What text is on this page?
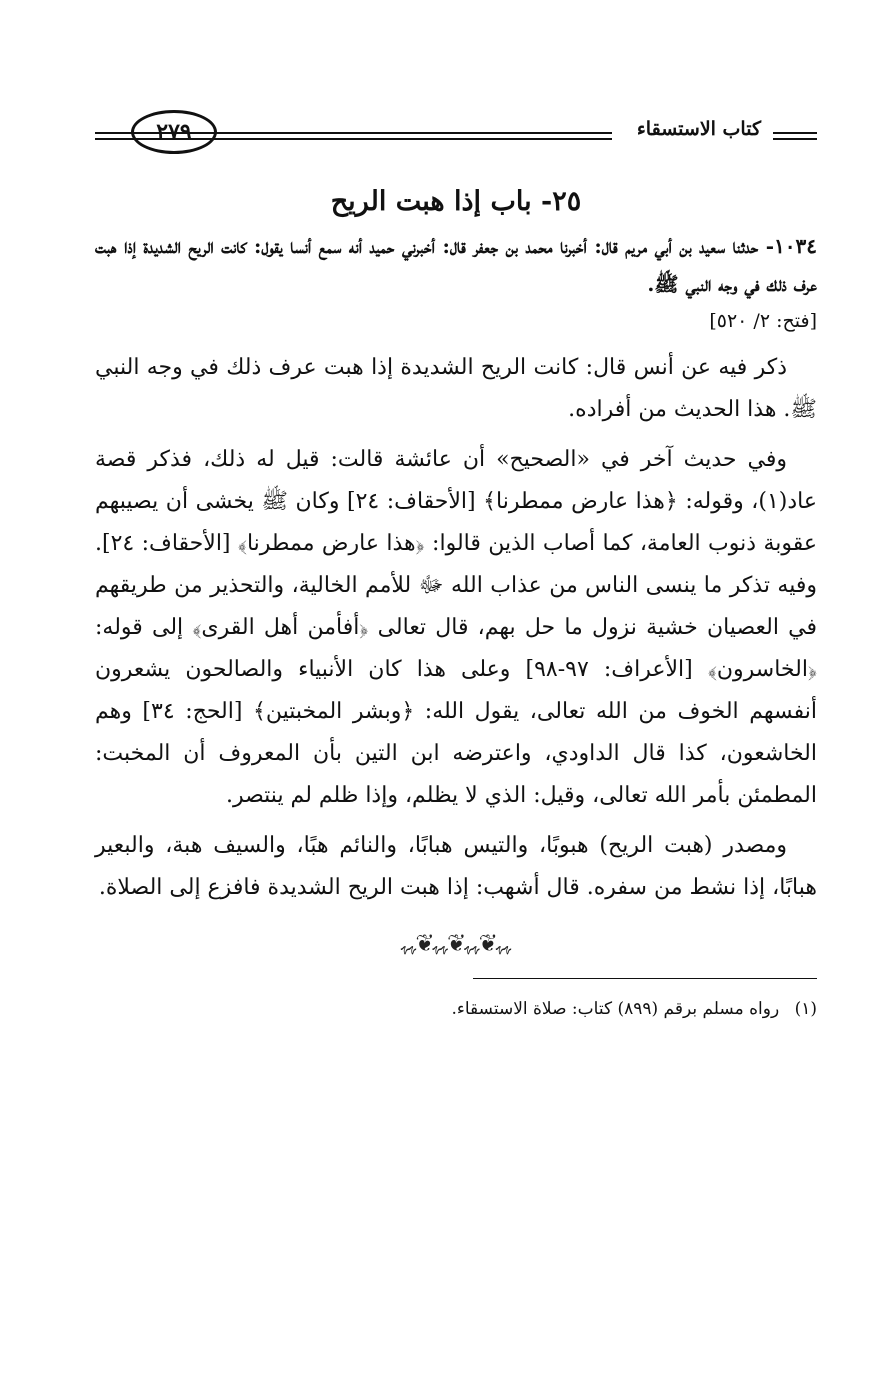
كتاب الاستسقاء
٢٧٩
٢٥- باب إذا هبت الريح

١٠٣٤- حدثنا سعيد بن أبي مريم قال: أخبرنا محمد بن جعفر قال: أخبرني حميد أنه سمع أنسا يقول: كانت الريح الشديدة إذا هبت عرف ذلك في وجه النبي ﷺ.

[فتح: ٢/ ٥٢٠]

ذكر فيه عن أنس قال: كانت الريح الشديدة إذا هبت عرف ذلك في وجه النبي ﷺ. هذا الحديث من أفراده.

وفي حديث آخر في «الصحيح» أن عائشة قالت: قيل له ذلك، فذكر قصة عاد(١)، وقوله: ﴿هذا عارض ممطرنا﴾ [الأحقاف: ٢٤] وكان ﷺ يخشى أن يصيبهم عقوبة ذنوب العامة، كما أصاب الذين قالوا: ﴿هذا عارض ممطرنا﴾ [الأحقاف: ٢٤]. وفيه تذكر ما ينسى الناس من عذاب الله ﷻ للأمم الخالية، والتحذير من طريقهم في العصيان خشية نزول ما حل بهم، قال تعالى ﴿أفأمن أهل القرى﴾ إلى قوله: ﴿الخاسرون﴾ [الأعراف: ٩٧-٩٨] وعلى هذا كان الأنبياء والصالحون يشعرون أنفسهم الخوف من الله تعالى، يقول الله: ﴿وبشر المخبتين﴾ [الحج: ٣٤] وهم الخاشعون، كذا قال الداودي، واعترضه ابن التين بأن المعروف أن المخبت: المطمئن بأمر الله تعالى، وقيل: الذي لا يظلم، وإذا ظلم لم ينتصر.

ومصدر (هبت الريح) هبوبًا، والتيس هبابًا، والنائم هبًا، والسيف هبة، والبعير هبابًا، إذا نشط من سفره. قال أشهب: إذا هبت الريح الشديدة فافزع إلى الصلاة.

ﮩﮩ❦ﮩﮩ❦ﮩﮩ❦ﮩﮩ
(١) رواه مسلم برقم (٨٩٩) كتاب: صلاة الاستسقاء.
